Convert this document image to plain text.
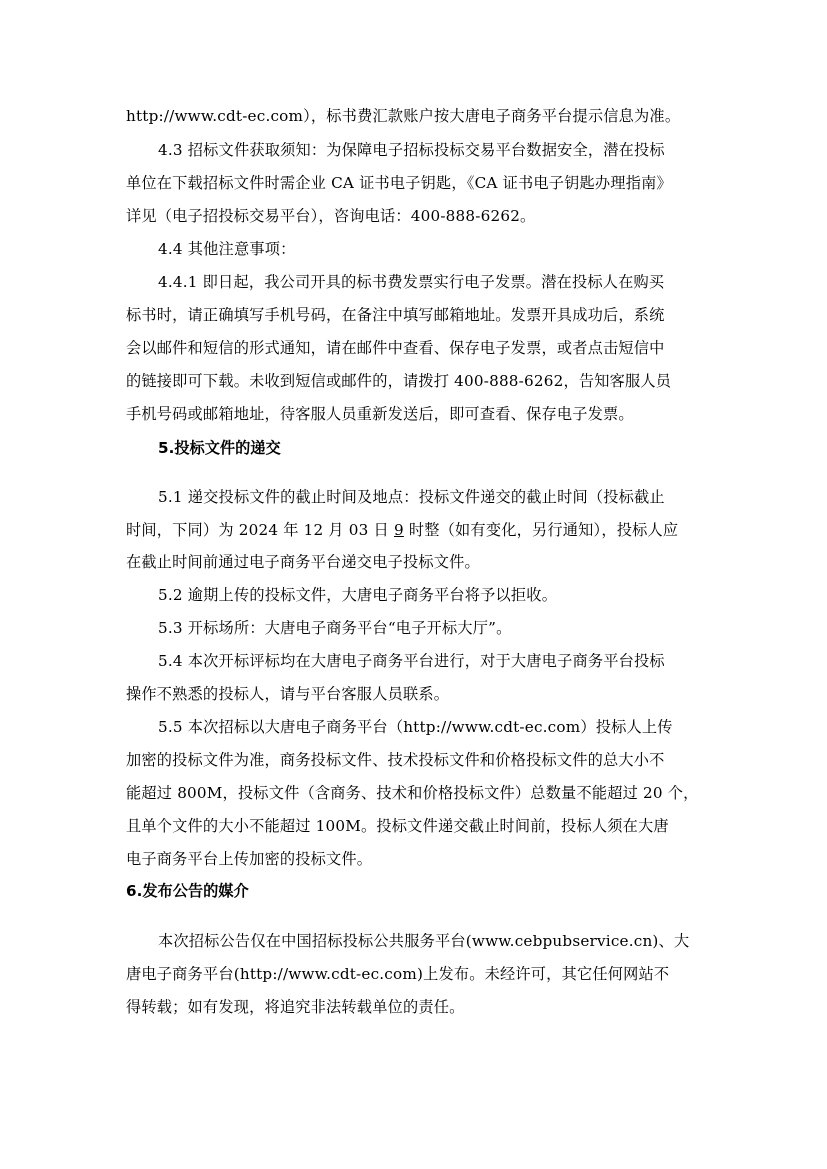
http://www.cdt-ec.com），标书费汇款账户按大唐电子商务平台提示信息为准。
4.3 招标文件获取须知：为保障电子招标投标交易平台数据安全，潜在投标
单位在下载招标文件时需企业 CA 证书电子钥匙，《CA 证书电子钥匙办理指南》
详见（电子招投标交易平台），咨询电话：400-888-6262。
4.4 其他注意事项：
4.4.1 即日起，我公司开具的标书费发票实行电子发票。潜在投标人在购买
标书时，请正确填写手机号码，在备注中填写邮箱地址。发票开具成功后，系统
会以邮件和短信的形式通知，请在邮件中查看、保存电子发票，或者点击短信中
的链接即可下载。未收到短信或邮件的，请拨打 400-888-6262，告知客服人员
手机号码或邮箱地址，待客服人员重新发送后，即可查看、保存电子发票。
5.投标文件的递交
5.1 递交投标文件的截止时间及地点：投标文件递交的截止时间（投标截止
时间，下同）为 2024 年 12 月 03 日 9 时整（如有变化，另行通知），投标人应
在截止时间前通过电子商务平台递交电子投标文件。
5.2 逾期上传的投标文件，大唐电子商务平台将予以拒收。
5.3 开标场所：大唐电子商务平台“电子开标大厅”。
5.4 本次开标评标均在大唐电子商务平台进行，对于大唐电子商务平台投标
操作不熟悉的投标人，请与平台客服人员联系。
5.5 本次招标以大唐电子商务平台（http://www.cdt-ec.com）投标人上传
加密的投标文件为准，商务投标文件、技术投标文件和价格投标文件的总大小不
能超过 800M，投标文件（含商务、技术和价格投标文件）总数量不能超过 20 个，
且单个文件的大小不能超过 100M。投标文件递交截止时间前，投标人须在大唐
电子商务平台上传加密的投标文件。
6.发布公告的媒介
本次招标公告仅在中国招标投标公共服务平台(www.cebpubservice.cn)、大
唐电子商务平台(http://www.cdt-ec.com)上发布。未经许可，其它任何网站不
得转载；如有发现，将追究非法转载单位的责任。
